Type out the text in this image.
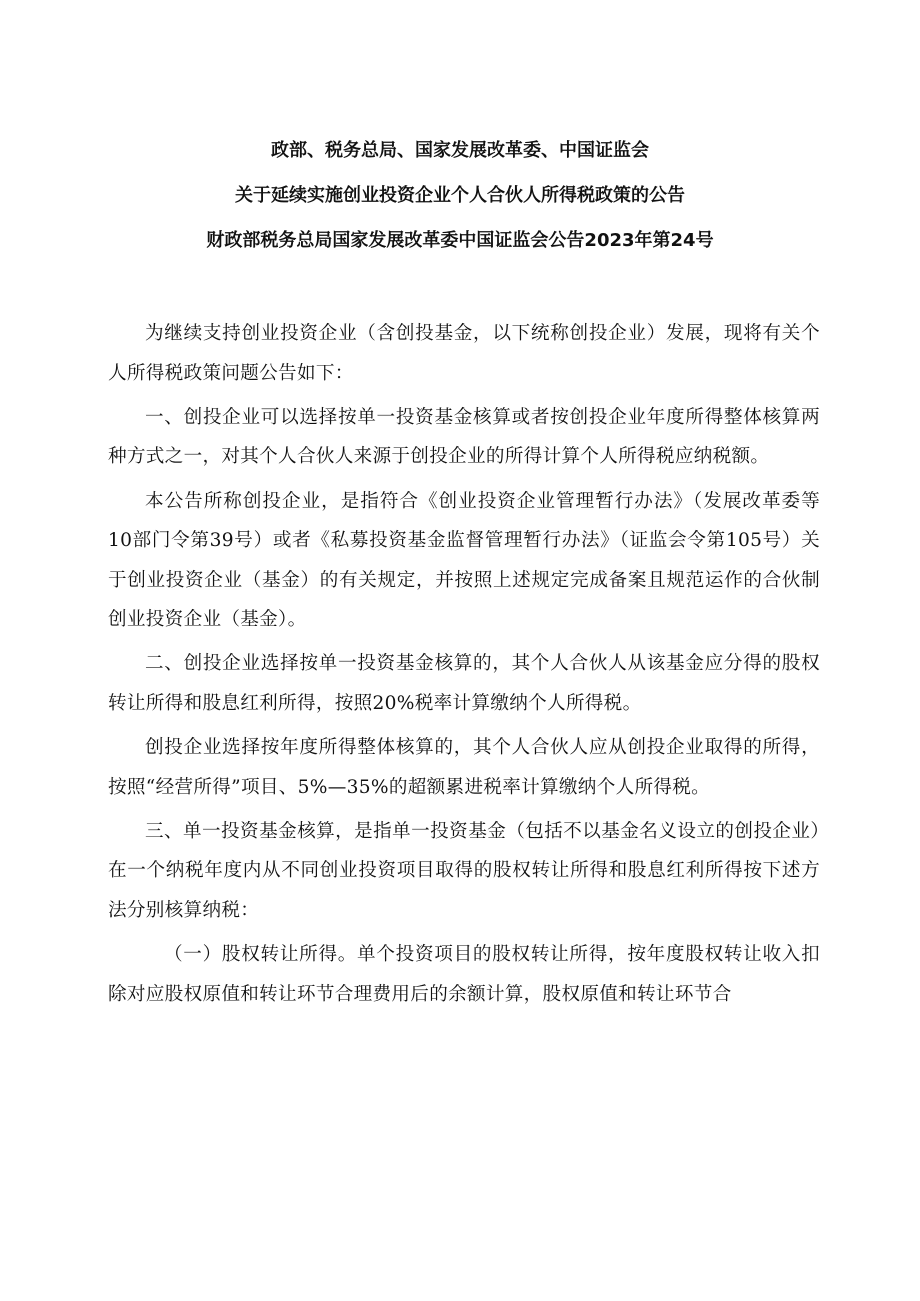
政部、税务总局、国家发展改革委、中国证监会
关于延续实施创业投资企业个人合伙人所得税政策的公告
财政部税务总局国家发展改革委中国证监会公告2023年第24号

为继续支持创业投资企业（含创投基金，以下统称创投企业）发展，现将有关个人所得税政策问题公告如下：

一、创投企业可以选择按单一投资基金核算或者按创投企业年度所得整体核算两种方式之一，对其个人合伙人来源于创投企业的所得计算个人所得税应纳税额。

本公告所称创投企业，是指符合《创业投资企业管理暂行办法》（发展改革委等10部门令第39号）或者《私募投资基金监督管理暂行办法》（证监会令第105号）关于创业投资企业（基金）的有关规定，并按照上述规定完成备案且规范运作的合伙制创业投资企业（基金）。

二、创投企业选择按单一投资基金核算的，其个人合伙人从该基金应分得的股权转让所得和股息红利所得，按照20%税率计算缴纳个人所得税。

创投企业选择按年度所得整体核算的，其个人合伙人应从创投企业取得的所得，按照“经营所得”项目、5%—35%的超额累进税率计算缴纳个人所得税。

三、单一投资基金核算，是指单一投资基金（包括不以基金名义设立的创投企业）在一个纳税年度内从不同创业投资项目取得的股权转让所得和股息红利所得按下述方法分别核算纳税：

（一）股权转让所得。单个投资项目的股权转让所得，按年度股权转让收入扣除对应股权原值和转让环节合理费用后的余额计算，股权原值和转让环节合
